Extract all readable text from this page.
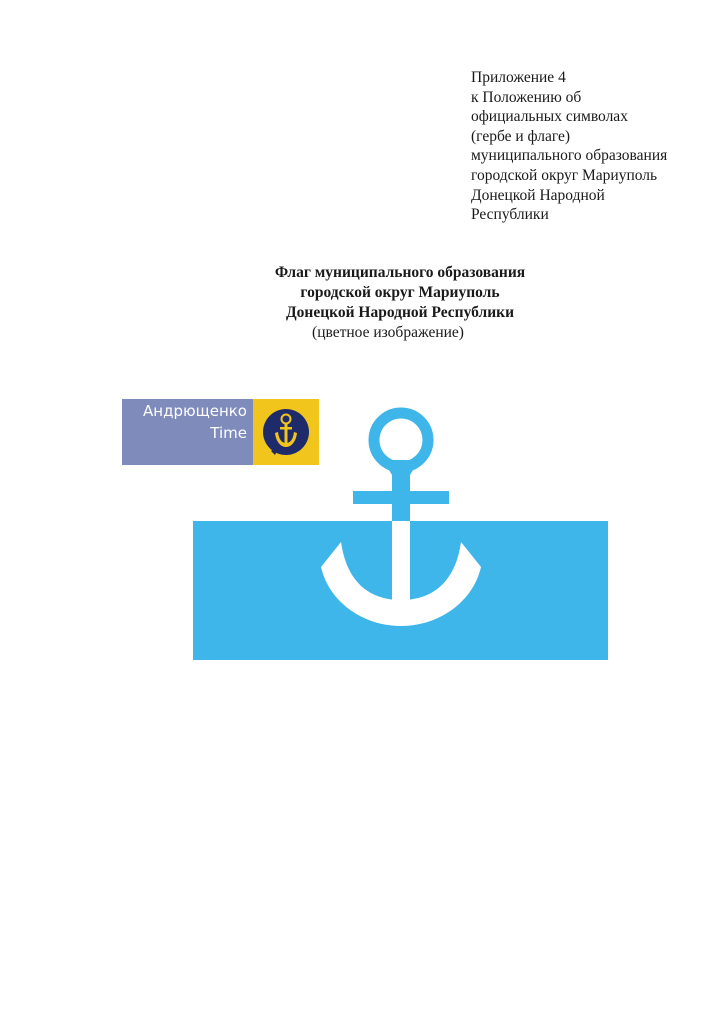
Приложение 4
к Положению об
официальных символах
(гербе и флаге)
муниципального образования
городской округ Мариуполь
Донецкой Народной
Республики
Флаг муниципального образования
городской округ Мариуполь
Донецкой Народной Республики
(цветное изображение)
Андрющенко
Time
